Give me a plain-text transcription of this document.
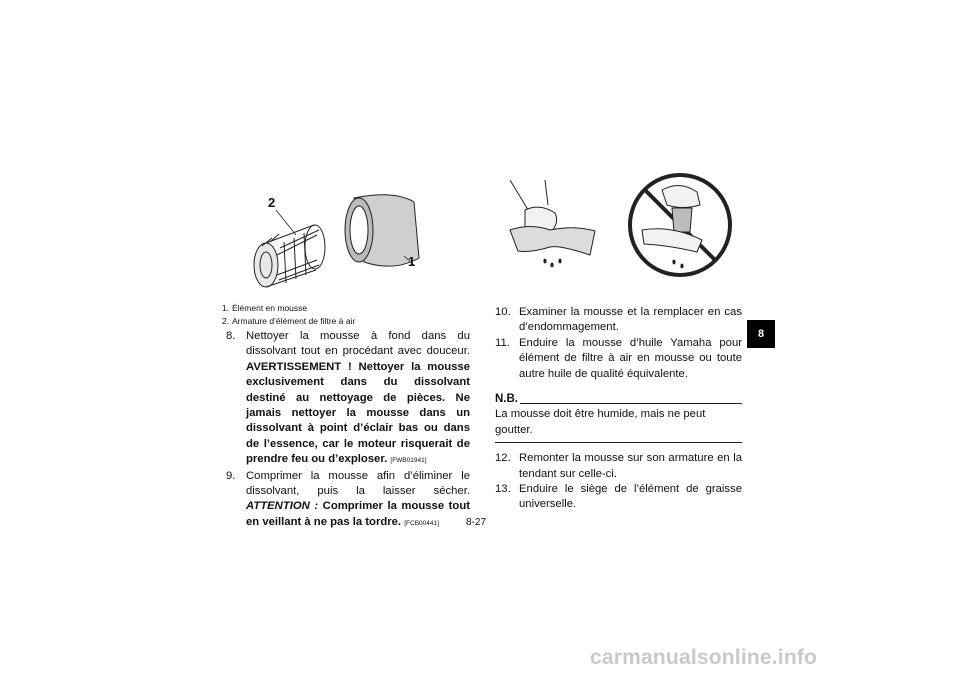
2
1
1. Élément en mousse
2. Armature d’élément de filtre à air
8. Nettoyer la mousse à fond dans du dissolvant tout en procédant avec douceur. AVERTISSEMENT ! Nettoyer la mousse exclusivement dans du dissolvant destiné au nettoyage de pièces. Ne jamais nettoyer la mousse dans un dissolvant à point d’éclair bas ou dans de l’essence, car le moteur risquerait de prendre feu ou d’exploser. [FWB01941]
9. Comprimer la mousse afin d’éliminer le dissolvant, puis la laisser sécher. ATTENTION : Comprimer la mousse tout en veillant à ne pas la tordre. [FCB00441]
10. Examiner la mousse et la remplacer en cas d’endommagement.
11. Enduire la mousse d’huile Yamaha pour élément de filtre à air en mousse ou toute autre huile de qualité équivalente.
N.B.
La mousse doit être humide, mais ne peut goutter.
12. Remonter la mousse sur son armature en la tendant sur celle-ci.
13. Enduire le siège de l’élément de graisse universelle.
8-27
8
carmanualsonline.info
